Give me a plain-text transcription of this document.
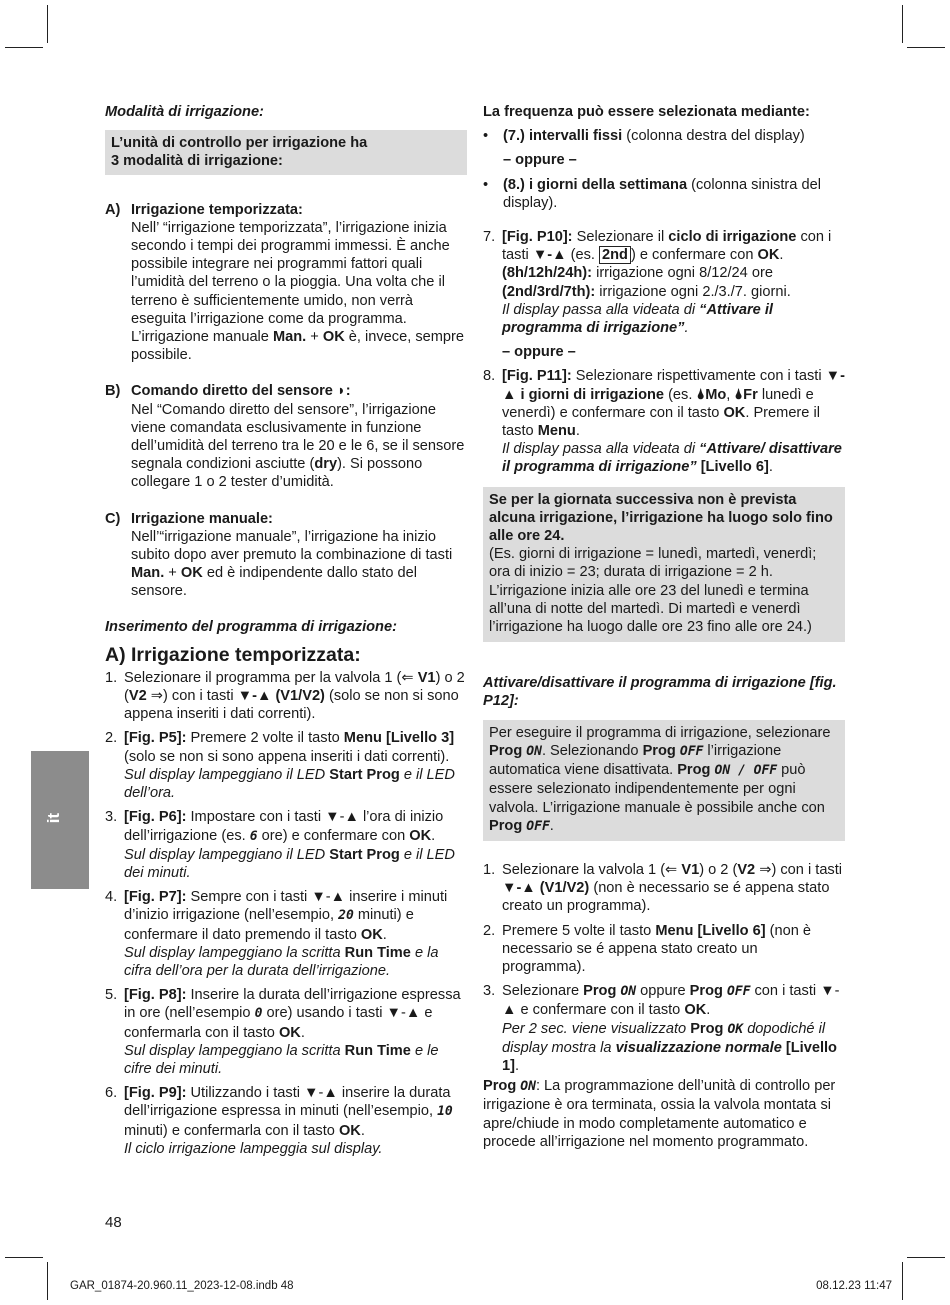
it

Modalità di irrigazione:

L’unità di controllo per irrigazione ha

3 modalità di irrigazione:

A) Irrigazione temporizzata:

Nell’ “irrigazione temporizzata”, l’irrigazione inizia secondo i tempi dei programmi immessi. È anche possibile integrare nei programmi fattori quali l’umidità del terreno o la pioggia. Una volta che il terreno è sufficientemente umido, non verrà eseguita l’irrigazione come da programma. L’irrigazione manuale Man. + OK è, invece, sempre possibile.

B) Comando diretto del sensore ◗:

Nel “Comando diretto del sensore”, l’irrigazione viene comandata esclusivamente in funzione dell’umidità del terreno tra le 20 e le 6, se il sensore segnala condizioni asciutte (dry). Si possono collegare 1 o 2 tester d’umidità.

C) Irrigazione manuale:

Nell’“irrigazione manuale”, l’irrigazione ha inizio subito dopo aver premuto la combinazione di tasti Man. + OK ed è indipendente dallo stato del sensore.

Inserimento del programma di irrigazione:

A) Irrigazione temporizzata:

1. Selezionare il programma per la valvola 1 (⇐ V1) o 2 (V2 ⇒) con i tasti ▼-▲ (V1/V2) (solo se non si sono appena inseriti i dati correnti).

2. [Fig. P5]: Premere 2 volte il tasto Menu [Livello 3] (solo se non si sono appena inseriti i dati correnti).

Sul display lampeggiano il LED Start Prog e il LED dell’ora.

3. [Fig. P6]: Impostare con i tasti ▼-▲ l’ora di inizio dell’irrigazione (es. 6 ore) e confermare con OK.

Sul display lampeggiano il LED Start Prog e il LED dei minuti.

4. [Fig. P7]: Sempre con i tasti ▼-▲ inserire i minuti d’inizio irrigazione (nell’esempio, 20 minuti) e confermare il dato premendo il tasto OK.

Sul display lampeggiano la scritta Run Time e la cifra dell’ora per la durata dell’irrigazione.

5. [Fig. P8]: Inserire la durata dell’irrigazione espressa in ore (nell’esempio 0 ore) usando i tasti ▼-▲ e confermarla con il tasto OK.

Sul display lampeggiano la scritta Run Time e le cifre dei minuti.

6. [Fig. P9]: Utilizzando i tasti ▼-▲ inserire la durata dell’irrigazione espressa in minuti (nell’esempio, 10 minuti) e confermarla con il tasto OK.

Il ciclo irrigazione lampeggia sul display.

La frequenza può essere selezionata mediante:

•	(7.) intervalli fissi (colonna destra del display)

– oppure –

•	(8.) i giorni della settimana (colonna sinistra del display).

7. [Fig. P10]: Selezionare il ciclo di irrigazione con i tasti ▼-▲ (es. 2nd ) e confermare con OK. (8h/12h/24h): irrigazione ogni 8/12/24 ore (2nd/3rd/7th): irrigazione ogni 2./3./7. giorni.

Il display passa alla videata di “Attivare il programma di irrigazione”.

– oppure –

8. [Fig. P11]: Selezionare rispettivamente con i tasti ▼-▲ i giorni di irrigazione (es. 🌢Mo, 🌢Fr lunedì e venerdì) e confermare con il tasto OK. Premere il tasto Menu.

Il display passa alla videata di “Attivare/ disattivare il programma di irrigazione” [Livello 6].

Se per la giornata successiva non è prevista alcuna irrigazione, l’irrigazione ha luogo solo fino alle ore 24.

(Es. giorni di irrigazione = lunedì, martedì, venerdì; ora di inizio = 23; durata di irrigazione = 2 h. L’irrigazione inizia alle ore 23 del lunedì e termina all’una di notte del martedì. Di martedì e venerdì l’irrigazione ha luogo dalle ore 23 fino alle ore 24.)

Attivare/disattivare il programma di irrigazione [fig. P12]:

Per eseguire il programma di irrigazione, selezionare Prog ON. Selezionando Prog OFF l’irrigazione automatica viene disattivata. Prog ON / OFF può essere selezionato indipendentemente per ogni valvola. L’irrigazione manuale è possibile anche con Prog OFF.

1. Selezionare la valvola 1 (⇐ V1) o 2 (V2 ⇒) con i tasti ▼-▲ (V1/V2) (non è necessario se é appena stato creato un programma).

2. Premere 5 volte il tasto Menu [Livello 6] (non è necessario se é appena stato creato un programma).

3. Selezionare Prog ON oppure Prog OFF con i tasti ▼-▲ e confermare con il tasto OK.

Per 2 sec. viene visualizzato Prog OK dopodiché il display mostra la visualizzazione normale [Livello 1].

Prog ON: La programmazione dell’unità di controllo per irrigazione è ora terminata, ossia la valvola montata si apre/chiude in modo completamente automatico e procede all’irrigazione nel momento programmato.

48
GAR_01874-20.960.11_2023-12-08.indb 48	08.12.23 11:47
